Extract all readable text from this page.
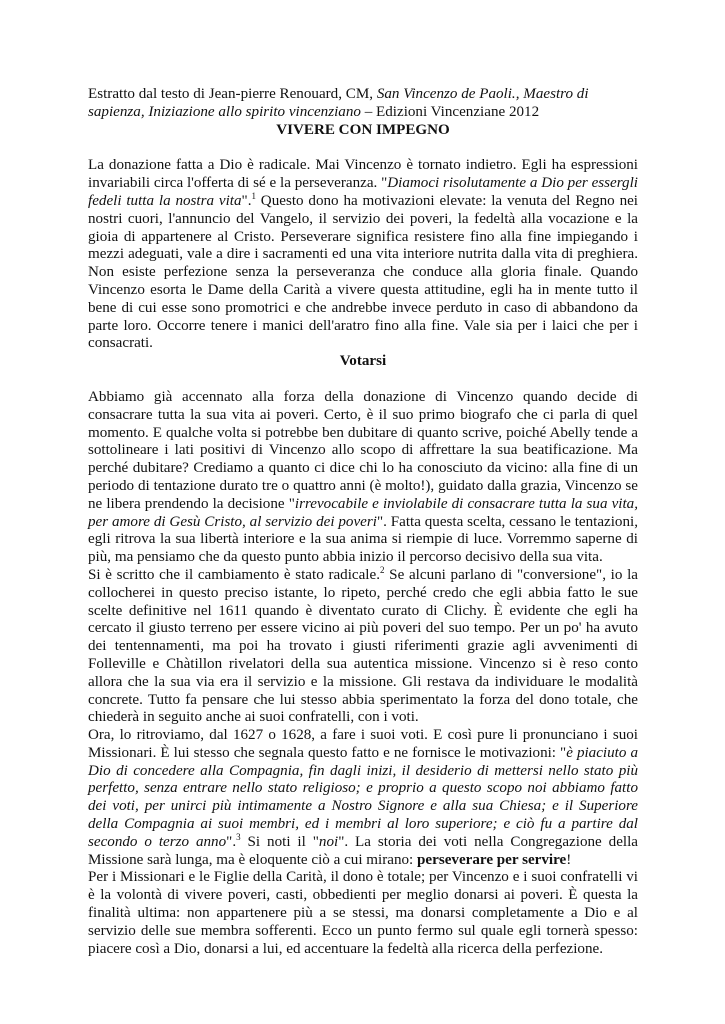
Estratto dal testo di Jean-pierre Renouard, CM, San Vincenzo de Paoli., Maestro di sapienza, Iniziazione allo spirito vincenziano – Edizioni Vincenziane 2012

VIVERE CON IMPEGNO

La donazione fatta a Dio è radicale. Mai Vincenzo è tornato indietro. Egli ha espressioni invariabili circa l'offerta di sé e la perseveranza. "Diamoci risolutamente a Dio per essergli fedeli tutta la nostra vita".$^1$ Questo dono ha motivazioni elevate: la venuta del Regno nei nostri cuori, l'annuncio del Vangelo, il servizio dei poveri, la fedeltà alla vocazione e la gioia di appartenere al Cristo. Perseverare significa resistere fino alla fine impiegando i mezzi adeguati, vale a dire i sacramenti ed una vita interiore nutrita dalla vita di preghiera. Non esiste perfezione senza la perseveranza che conduce alla gloria finale. Quando Vincenzo esorta le Dame della Carità a vivere questa attitudine, egli ha in mente tutto il bene di cui esse sono promotrici e che andrebbe invece perduto in caso di abbandono da parte loro. Occorre tenere i manici dell'aratro fino alla fine. Vale sia per i laici che per i consacrati.

Votarsi

Abbiamo già accennato alla forza della donazione di Vincenzo quando decide di consacrare tutta la sua vita ai poveri. Certo, è il suo primo biografo che ci parla di quel momento. E qualche volta si potrebbe ben dubitare di quanto scrive, poiché Abelly tende a sottolineare i lati positivi di Vincenzo allo scopo di affrettare la sua beatificazione. Ma perché dubitare? Crediamo a quanto ci dice chi lo ha conosciuto da vicino: alla fine di un periodo di tentazione durato tre o quattro anni (è molto!), guidato dalla grazia, Vincenzo se ne libera prendendo la decisione "irrevocabile e inviolabile di consacrare tutta la sua vita, per amore di Gesù Cristo, al servizio dei poveri". Fatta questa scelta, cessano le tentazioni, egli ritrova la sua libertà interiore e la sua anima si riempie di luce. Vorremmo saperne di più, ma pensiamo che da questo punto abbia inizio il percorso decisivo della sua vita.

Si è scritto che il cambiamento è stato radicale.$^2$ Se alcuni parlano di "conversione", io la collocherei in questo preciso istante, lo ripeto, perché credo che egli abbia fatto le sue scelte definitive nel 1611 quando è diventato curato di Clichy. È evidente che egli ha cercato il giusto terreno per essere vicino ai più poveri del suo tempo. Per un po' ha avuto dei tentennamenti, ma poi ha trovato i giusti riferimenti grazie agli avvenimenti di Folleville e Chàtillon rivelatori della sua autentica missione. Vincenzo si è reso conto allora che la sua via era il servizio e la missione. Gli restava da individuare le modalità concrete. Tutto fa pensare che lui stesso abbia sperimentato la forza del dono totale, che chiederà in seguito anche ai suoi confratelli, con i voti.

Ora, lo ritroviamo, dal 1627 o 1628, a fare i suoi voti. E così pure li pronunciano i suoi Missionari. È lui stesso che segnala questo fatto e ne fornisce le motivazioni: "è piaciuto a Dio di concedere alla Compagnia, fin dagli inizi, il desiderio di mettersi nello stato più perfetto, senza entrare nello stato religioso; e proprio a questo scopo noi abbiamo fatto dei voti, per unirci più intimamente a Nostro Signore e alla sua Chiesa; e il Superiore della Compagnia ai suoi membri, ed i membri al loro superiore; e ciò fu a partire dal secondo o terzo anno".$^3$ Si noti il "noi". La storia dei voti nella Congregazione della Missione sarà lunga, ma è eloquente ciò a cui mirano: perseverare per servire!

Per i Missionari e le Figlie della Carità, il dono è totale; per Vincenzo e i suoi confratelli vi è la volontà di vivere poveri, casti, obbedienti per meglio donarsi ai poveri. È questa la finalità ultima: non appartenere più a se stessi, ma donarsi completamente a Dio e al servizio delle sue membra sofferenti. Ecco un punto fermo sul quale egli tornerà spesso: piacere così a Dio, donarsi a lui, ed accentuare la fedeltà alla ricerca della perfezione.
